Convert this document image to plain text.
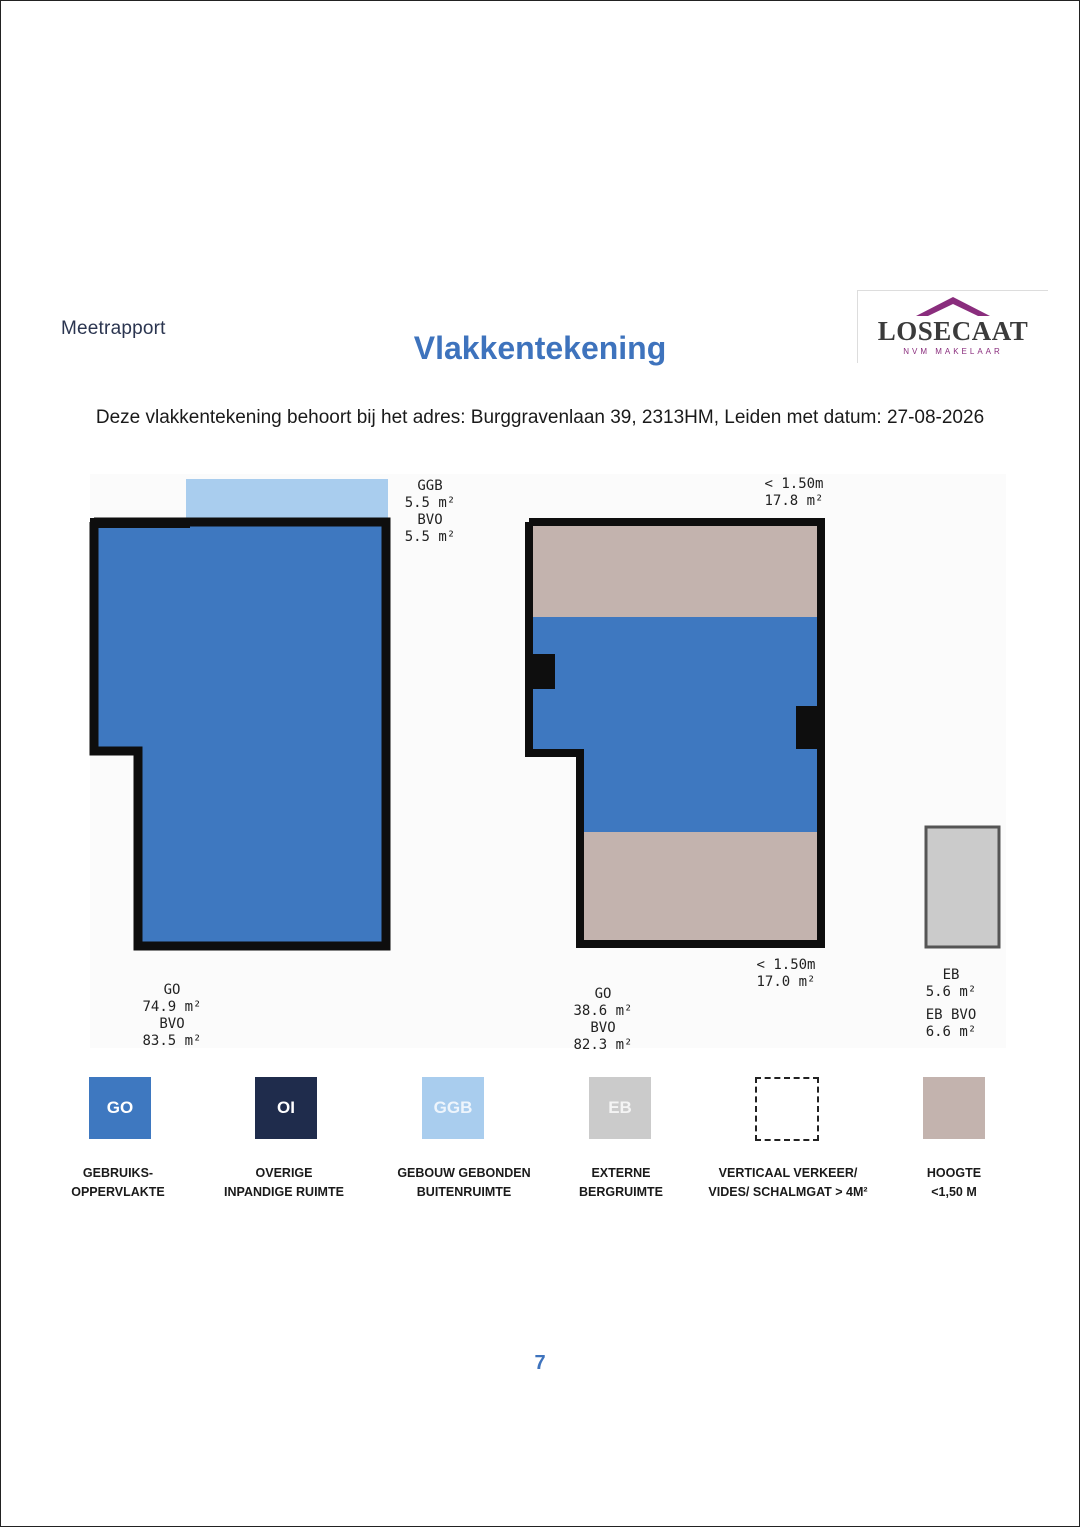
Meetrapport
Vlakkentekening	LOSECAAT
NVM MAKELAAR
Deze vlakkentekening behoort bij het adres: Burggravenlaan 39, 2313HM, Leiden met datum: 27-08-2026
GGB
5.5 m²
BVO
5.5 m²
GO
74.9 m²
BVO
83.5 m²
< 1.50m
17.8 m²
< 1.50m
17.0 m²
GO
38.6 m²
BVO
82.3 m²
EB
5.6 m²
EB BVO
6.6 m²
GO
GEBRUIKS-
OPPERVLAKTE
OI
OVERIGE
INPANDIGE RUIMTE
GGB
GEBOUW GEBONDEN
BUITENRUIMTE
EB
EXTERNE
BERGRUIMTE
VERTICAAL VERKEER/
VIDES/ SCHALMGAT > 4M²
HOOGTE
<1,50 M
7
